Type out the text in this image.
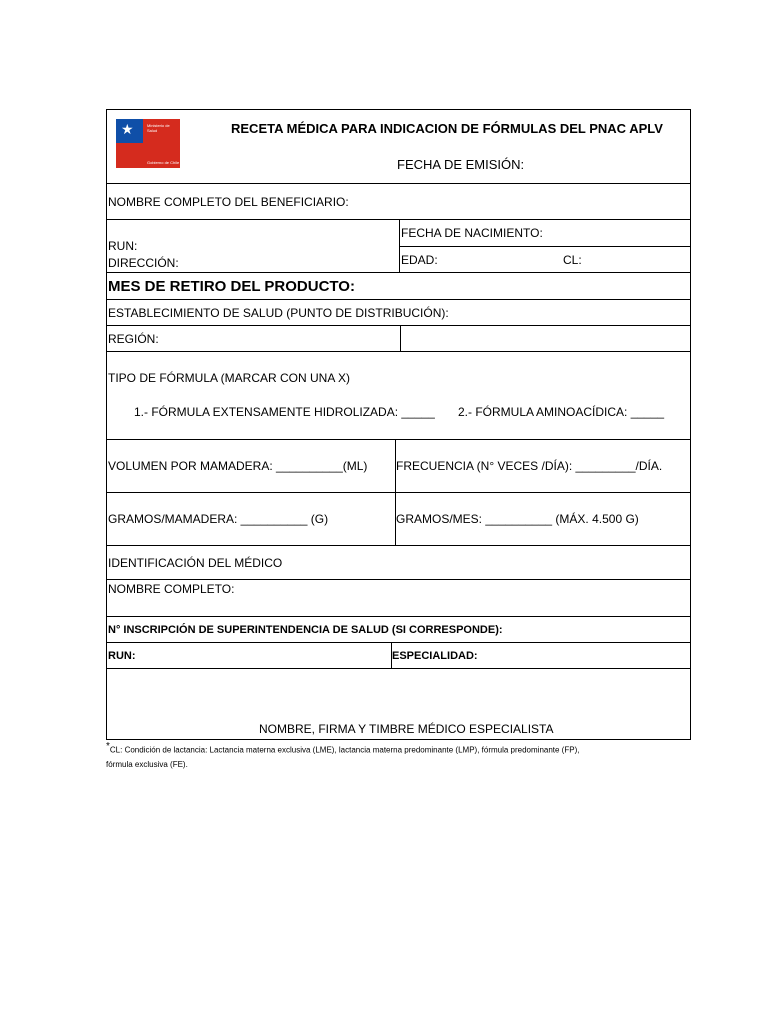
★	Ministerio de
Salud
Gobierno de Chile
RECETA MÉDICA PARA INDICACION DE FÓRMULAS DEL PNAC APLV
FECHA DE EMISIÓN:
NOMBRE COMPLETO DEL BENEFICIARIO:
RUN:
DIRECCIÓN:
FECHA DE NACIMIENTO:
EDAD:	CL:
MES DE RETIRO DEL PRODUCTO:
ESTABLECIMIENTO DE SALUD (PUNTO DE DISTRIBUCIÓN):
REGIÓN:
TIPO DE FÓRMULA (MARCAR CON UNA X)
1.- FÓRMULA EXTENSAMENTE HIDROLIZADA: _____ 2.- FÓRMULA AMINOACÍDICA: _____
VOLUMEN POR MAMADERA: __________(ML) FRECUENCIA (N° VECES /DÍA): _________/DÍA.
GRAMOS/MAMADERA: __________ (G)	GRAMOS/MES: __________ (MÁX. 4.500 G)
IDENTIFICACIÓN DEL MÉDICO
NOMBRE COMPLETO:
N° INSCRIPCIÓN DE SUPERINTENDENCIA DE SALUD (SI CORRESPONDE):
RUN:	ESPECIALIDAD:
NOMBRE, FIRMA Y TIMBRE MÉDICO ESPECIALISTA
*CL: Condición de lactancia: Lactancia materna exclusiva (LME), lactancia materna predominante (LMP), fórmula predominante (FP),
fórmula exclusiva (FE).
